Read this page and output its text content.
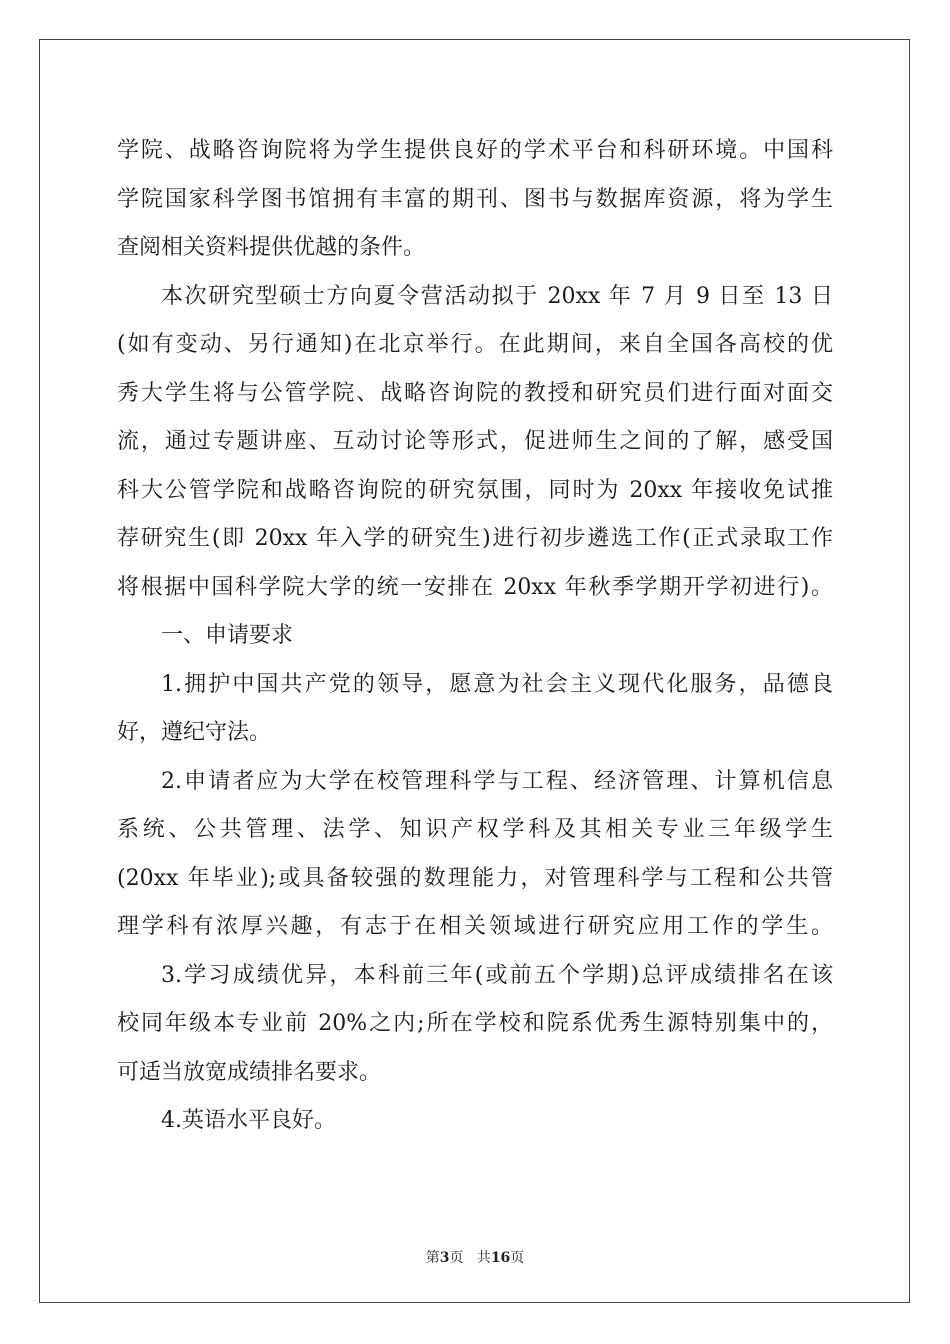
学院、战略咨询院将为学生提供良好的学术平台和科研环境。中国科
学院国家科学图书馆拥有丰富的期刊、图书与数据库资源，将为学生
查阅相关资料提供优越的条件。
本次研究型硕士方向夏令营活动拟于 20xx 年 7 月 9 日至 13 日
(如有变动、另行通知)在北京举行。在此期间，来自全国各高校的优
秀大学生将与公管学院、战略咨询院的教授和研究员们进行面对面交
流，通过专题讲座、互动讨论等形式，促进师生之间的了解，感受国
科大公管学院和战略咨询院的研究氛围，同时为 20xx 年接收免试推
荐研究生(即 20xx 年入学的研究生)进行初步遴选工作(正式录取工作
将根据中国科学院大学的统一安排在 20xx 年秋季学期开学初进行)。
一、申请要求
1.拥护中国共产党的领导，愿意为社会主义现代化服务，品德良
好，遵纪守法。
2.申请者应为大学在校管理科学与工程、经济管理、计算机信息
系统、公共管理、法学、知识产权学科及其相关专业三年级学生
(20xx 年毕业);或具备较强的数理能力，对管理科学与工程和公共管
理学科有浓厚兴趣，有志于在相关领域进行研究应用工作的学生。
3.学习成绩优异，本科前三年(或前五个学期)总评成绩排名在该
校同年级本专业前 20%之内;所在学校和院系优秀生源特别集中的，
可适当放宽成绩排名要求。
4.英语水平良好。
第3页 共16页
